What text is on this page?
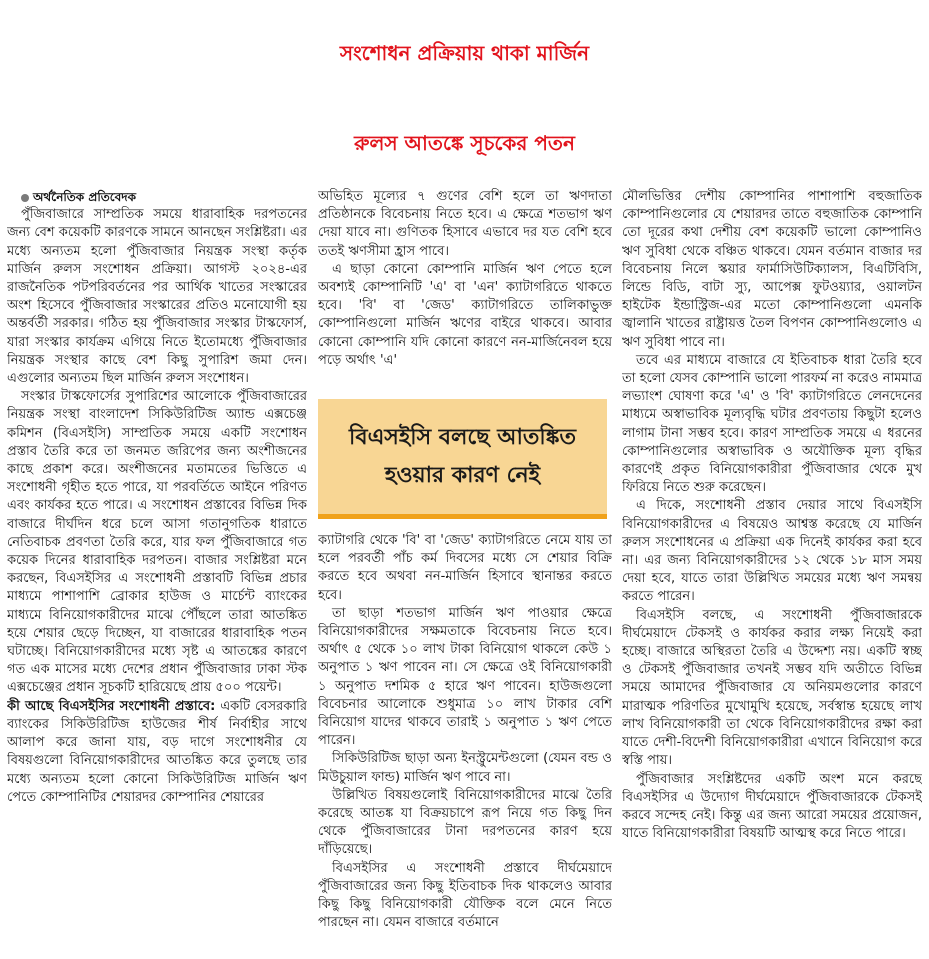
সংশোধন প্রক্রিয়ায় থাকা মার্জিন
রুলস আতঙ্কে সূচকের পতন

অর্থনৈতিক প্রতিবেদক

পুঁজিবাজারে সাম্প্রতিক সময়ে ধারাবাহিক দরপতনের জন্য বেশ কয়েকটি কারণকে সামনে আনছেন সংশ্লিষ্টরা। এর মধ্যে অন্যতম হলো পুঁজিবাজার নিয়ন্ত্রক সংস্থা কর্তৃক মার্জিন রুলস সংশোধন প্রক্রিয়া। আগস্ট ২০২৪-এর রাজনৈতিক পটপরিবর্তনের পর আর্থিক খাতের সংস্কারের অংশ হিসেবে পুঁজিবাজার সংস্কারের প্রতিও মনোযোগী হয় অন্তর্বর্তী সরকার। গঠিত হয় পুঁজিবাজার সংস্কার টাস্কফোর্স, যারা সংস্কার কার্যক্রম এগিয়ে নিতে ইতোমধ্যে পুঁজিবাজার নিয়ন্ত্রক সংস্থার কাছে বেশ কিছু সুপারিশ জমা দেন। এগুলোর অন্যতম ছিল মার্জিন রুলস সংশোধন।

সংস্কার টাস্কফোর্সের সুপারিশের আলোকে পুঁজিবাজারের নিয়ন্ত্রক সংস্থা বাংলাদেশ সিকিউরিটিজ অ্যান্ড এক্সচেঞ্জ কমিশন (বিএসইসি) সাম্প্রতিক সময়ে একটি সংশোধন প্রস্তাব তৈরি করে তা জনমত জরিপের জন্য অংশীজনের কাছে প্রকাশ করে। অংশীজনের মতামতের ভিত্তিতে এ সংশোধনী গৃহীত হতে পারে, যা পরবর্তিতে আইনে পরিণত এবং কার্যকর হতে পারে। এ সংশোধন প্রস্তাবের বিভিন্ন দিক বাজারে দীর্ঘদিন ধরে চলে আসা গতানুগতিক ধারাতে নেতিবাচক প্রবণতা তৈরি করে, যার ফল পুঁজিবাজারে গত কয়েক দিনের ধারাবাহিক দরপতন। বাজার সংশ্লিষ্টরা মনে করছেন, বিএসইসির এ সংশোধনী প্রস্তাবটি বিভিন্ন প্রচার মাধ্যমে পাশাপাশি ব্রোকার হাউজ ও মার্চেন্ট ব্যাংকের মাধ্যমে বিনিয়োগকারীদের মাঝে পৌঁছলে তারা আতঙ্কিত হয়ে শেয়ার ছেড়ে দিচ্ছেন, যা বাজারের ধারাবাহিক পতন ঘটাচ্ছে। বিনিয়োগকারীদের মধ্যে সৃষ্ট এ আতঙ্কের কারণে গত এক মাসের মধ্যে দেশের প্রধান পুঁজিবাজার ঢাকা স্টক এক্সচেঞ্জের প্রধান সূচকটি হারিয়েছে প্রায় ৫০০ পয়েন্ট।

কী আছে বিএসইসির সংশোধনী প্রস্তাবে: একটি বেসরকারি ব্যাংকের সিকিউরিটিজ হাউজের শীর্ষ নির্বাহীর সাথে আলাপ করে জানা যায়, বড় দাগে সংশোধনীর যে বিষয়গুলো বিনিয়োগকারীদের আতঙ্কিত করে তুলছে তার মধ্যে অন্যতম হলো কোনো সিকিউরিটিজ মার্জিন ঋণ পেতে কোম্পানিটির শেয়ারদর কোম্পানির শেয়ারের

অভিহিত মূল্যের ৭ গুণের বেশি হলে তা ঋণদাতা প্রতিষ্ঠানকে বিবেচনায় নিতে হবে। এ ক্ষেত্রে শতভাগ ঋণ দেয়া যাবে না। গুণিতক হিসাবে এভাবে দর যত বেশি হবে ততই ঋণসীমা হ্রাস পাবে।

এ ছাড়া কোনো কোম্পানি মার্জিন ঋণ পেতে হলে অবশ্যই কোম্পানিটি 'এ' বা 'এন' ক্যাটাগরিতে থাকতে হবে। 'বি' বা 'জেড' ক্যাটাগরিতে তালিকাভুক্ত কোম্পানিগুলো মার্জিন ঋণের বাইরে থাকবে। আবার কোনো কোম্পানি যদি কোনো কারণে নন-মার্জিনেবল হয়ে পড়ে অর্থাৎ 'এ'

বিএসইসি বলছে আতঙ্কিত
হওয়ার কারণ নেই

ক্যাটাগরি থেকে 'বি' বা 'জেড' ক্যাটাগরিতে নেমে যায় তা হলে পরবর্তী পাঁচ কর্ম দিবসের মধ্যে সে শেয়ার বিক্রি করতে হবে অথবা নন-মার্জিন হিসাবে স্থানান্তর করতে হবে।

তা ছাড়া শতভাগ মার্জিন ঋণ পাওয়ার ক্ষেত্রে বিনিয়োগকারীদের সক্ষমতাকে বিবেচনায় নিতে হবে। অর্থাৎ ৫ থেকে ১০ লাখ টাকা বিনিয়োগ থাকলে কেউ ১ অনুপাত ১ ঋণ পাবেন না। সে ক্ষেত্রে ওই বিনিয়োগকারী ১ অনুপাত দশমিক ৫ হারে ঋণ পাবেন। হাউজগুলো বিবেচনার আলোকে শুধুমাত্র ১০ লাখ টাকার বেশি বিনিয়োগ যাদের থাকবে তারাই ১ অনুপাত ১ ঋণ পেতে পারেন।

সিকিউরিটিজ ছাড়া অন্য ইনস্ট্রুমেন্টগুলো (যেমন বন্ড ও মিউচুয়াল ফান্ড) মার্জিন ঋণ পাবে না।

উল্লিখিত বিষয়গুলোই বিনিয়োগকারীদের মাঝে তৈরি করেছে আতঙ্ক যা বিক্রয়চাপে রূপ নিয়ে গত কিছু দিন থেকে পুঁজিবাজারের টানা দরপতনের কারণ হয়ে দাঁড়িয়েছে।

বিএসইসির এ সংশোধনী প্রস্তাবে দীর্ঘমেয়াদে পুঁজিবাজারের জন্য কিছু ইতিবাচক দিক থাকলেও আবার কিছু কিছু বিনিয়োগকারী যৌক্তিক বলে মেনে নিতে পারছেন না। যেমন বাজারে বর্তমানে

মৌলভিত্তির দেশীয় কোম্পানির পাশাপাশি বহুজাতিক কোম্পানিগুলোর যে শেয়ারদর তাতে বহুজাতিক কোম্পানি তো দূরের কথা দেশীয় বেশ কয়েকটি ভালো কোম্পানিও ঋণ সুবিধা থেকে বঞ্চিত থাকবে। যেমন বর্তমান বাজার দর বিবেচনায় নিলে স্কয়ার ফার্মাসিউটিক্যালস, বিএটিবিসি, লিন্ডে বিডি, বাটা স্যু, আপেক্স ফুটওয়্যার, ওয়ালটন হাইটেক ইন্ডাস্ট্রিজ-এর মতো কোম্পানিগুলো এমনকি জ্বালানি খাতের রাষ্ট্রায়ত্ত তৈল বিপণন কোম্পানিগুলোও এ ঋণ সুবিধা পাবে না।

তবে এর মাধ্যমে বাজারে যে ইতিবাচক ধারা তৈরি হবে তা হলো যেসব কোম্পানি ভালো পারফর্ম না করেও নামমাত্র লভ্যাংশ ঘোষণা করে 'এ' ও 'বি' ক্যাটাগরিতে লেনদেনের মাধ্যমে অস্বাভাবিক মূল্যবৃদ্ধি ঘটার প্রবণতায় কিছুটা হলেও লাগাম টানা সম্ভব হবে। কারণ সাম্প্রতিক সময়ে এ ধরনের কোম্পানিগুলোর অস্বাভাবিক ও অযৌক্তিক মূল্য বৃদ্ধির কারণেই প্রকৃত বিনিয়োগকারীরা পুঁজিবাজার থেকে মুখ ফিরিয়ে নিতে শুরু করেছেন।

এ দিকে, সংশোধনী প্রস্তাব দেয়ার সাথে বিএসইসি বিনিয়োগকারীদের এ বিষয়েও আশ্বস্ত করেছে যে মার্জিন রুলস সংশোধনের এ প্রক্রিয়া এক দিনেই কার্যকর করা হবে না। এর জন্য বিনিয়োগকারীদের ১২ থেকে ১৮ মাস সময় দেয়া হবে, যাতে তারা উল্লিখিত সময়ের মধ্যে ঋণ সমন্বয় করতে পারেন।

বিএসইসি বলছে, এ সংশোধনী পুঁজিবাজারকে দীর্ঘমেয়াদে টেকসই ও কার্যকর করার লক্ষ্য নিয়েই করা হচ্ছে। বাজারে অস্থিরতা তৈরি এ উদ্দেশ্য নয়। একটি স্বচ্ছ ও টেকসই পুঁজিবাজার তখনই সম্ভব যদি অতীতে বিভিন্ন সময়ে আমাদের পুঁজিবাজার যে অনিয়মগুলোর কারণে মারাত্মক পরিণতির মুখোমুখি হয়েছে, সর্বস্বান্ত হয়েছে লাখ লাখ বিনিয়োগকারী তা থেকে বিনিয়োগকারীদের রক্ষা করা যাতে দেশী-বিদেশী বিনিয়োগকারীরা এখানে বিনিয়োগ করে স্বস্তি পায়।

পুঁজিবাজার সংশ্লিষ্টদের একটি অংশ মনে করছে বিএসইসির এ উদ্যোগ দীর্ঘমেয়াদে পুঁজিবাজারকে টেকসই করবে সন্দেহ নেই। কিন্তু এর জন্য আরো সময়ের প্রয়োজন, যাতে বিনিয়োগকারীরা বিষয়টি আত্মস্থ করে নিতে পারে।
